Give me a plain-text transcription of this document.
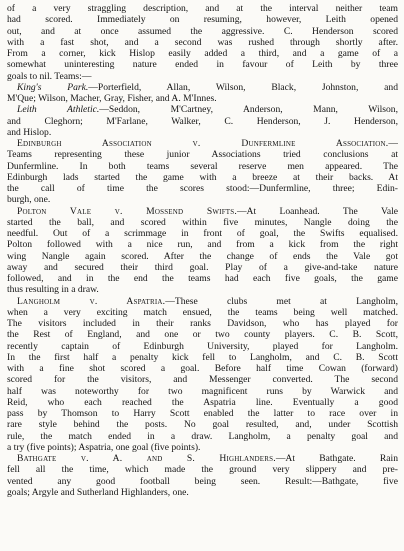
of a very straggling description, and at the interval neither team
had scored. Immediately on resuming, however, Leith opened
out, and at once assumed the aggressive. C. Henderson scored
with a fast shot, and a second was rushed through shortly after.
From a corner, kick Hislop easily added a third, and a game of a
somewhat uninteresting nature ended in favour of Leith by three
goals to nil. Teams:—

King's Park.—Porterfield, Allan, Wilson, Black, Johnston, and
M'Que; Wilson, Macher, Gray, Fisher, and A. M'Innes.

Leith Athletic.—Seddon, M'Cartney, Anderson, Mann, Wilson,
and Cleghorn; M'Farlane, Walker, C. Henderson, J. Henderson,
and Hislop.

Edinburgh Association v. Dunfermline Association.—
Teams representing these junior Associations tried conclusions at
Dunfermline. In both teams several reserve men appeared. The
Edinburgh lads started the game with a breeze at their backs. At
the call of time the scores stood:—Dunfermline, three; Edin-
burgh, one.

Polton Vale v. Mossend Swifts.—At Loanhead. The Vale
started the ball, and scored within five minutes, Nangle doing the
needful. Out of a scrimmage in front of goal, the Swifts equalised.
Polton followed with a nice run, and from a kick from the right
wing Nangle again scored. After the change of ends the Vale got
away and secured their third goal. Play of a give-and-take nature
followed, and in the end the teams had each five goals, the game
thus resulting in a draw.

Langholm v. Aspatria.—These clubs met at Langholm,
when a very exciting match ensued, the teams being well matched.
The visitors included in their ranks Davidson, who has played for
the Rest of England, and one or two county players. C. B. Scott,
recently captain of Edinburgh University, played for Langholm.
In the first half a penalty kick fell to Langholm, and C. B. Scott
with a fine shot scored a goal. Before half time Cowan (forward)
scored for the visitors, and Messenger converted. The second
half was noteworthy for two magnificent runs by Warwick and
Reid, who each reached the Aspatria line. Eventually a good
pass by Thomson to Harry Scott enabled the latter to race over in
rare style behind the posts. No goal resulted, and, under Scottish
rule, the match ended in a draw. Langholm, a penalty goal and
a try (five points); Aspatria, one goal (five points).

Bathgate v. A. and S. Highlanders.—At Bathgate. Rain
fell all the time, which made the ground very slippery and pre-
vented any good football being seen. Result:—Bathgate, five
goals; Argyle and Sutherland Highlanders, one.
